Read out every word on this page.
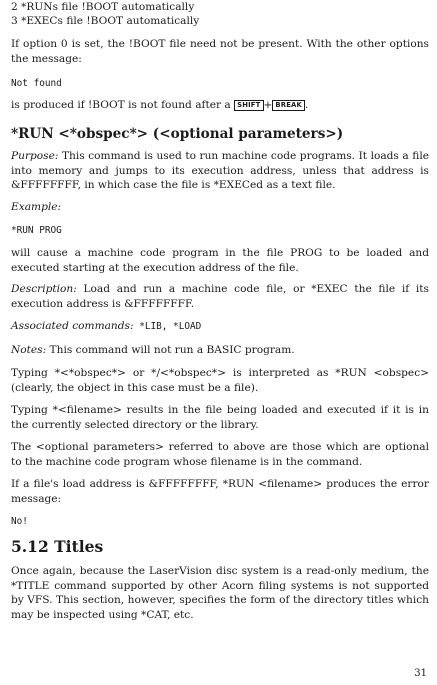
2 *RUNs file !BOOT automatically

3 *EXECs file !BOOT automatically

If option 0 is set, the !BOOT file need not be present. With the other options the message:

Not found

is produced if !BOOT is not found after a SHIFT + BREAK .

*RUN <*obspec*> (<optional parameters>)

Purpose: This command is used to run machine code programs. It loads a file into memory and jumps to its execution address, unless that address is &FFFFFFFF, in which case the file is *EXECed as a text file.

Example:

*RUN PROG

will cause a machine code program in the file PROG to be loaded and executed starting at the execution address of the file.

Description: Load and run a machine code file, or *EXEC the file if its execution address is &FFFFFFFF.

Associated commands: *LIB, *LOAD

Notes: This command will not run a BASIC program.

Typing *<*obspec*> or */<*obspec*> is interpreted as *RUN <obspec> (clearly, the object in this case must be a file).

Typing *<filename> results in the file being loaded and executed if it is in the currently selected directory or the library.

The <optional parameters> referred to above are those which are optional to the machine code program whose filename is in the command.

If a file's load address is &FFFFFFFF, *RUN <filename> produces the error message:

No!

5.12 Titles

Once again, because the LaserVision disc system is a read-only medium, the *TITLE command supported by other Acorn filing systems is not supported by VFS. This section, however, specifies the form of the directory titles which may be inspected using *CAT, etc.

31
